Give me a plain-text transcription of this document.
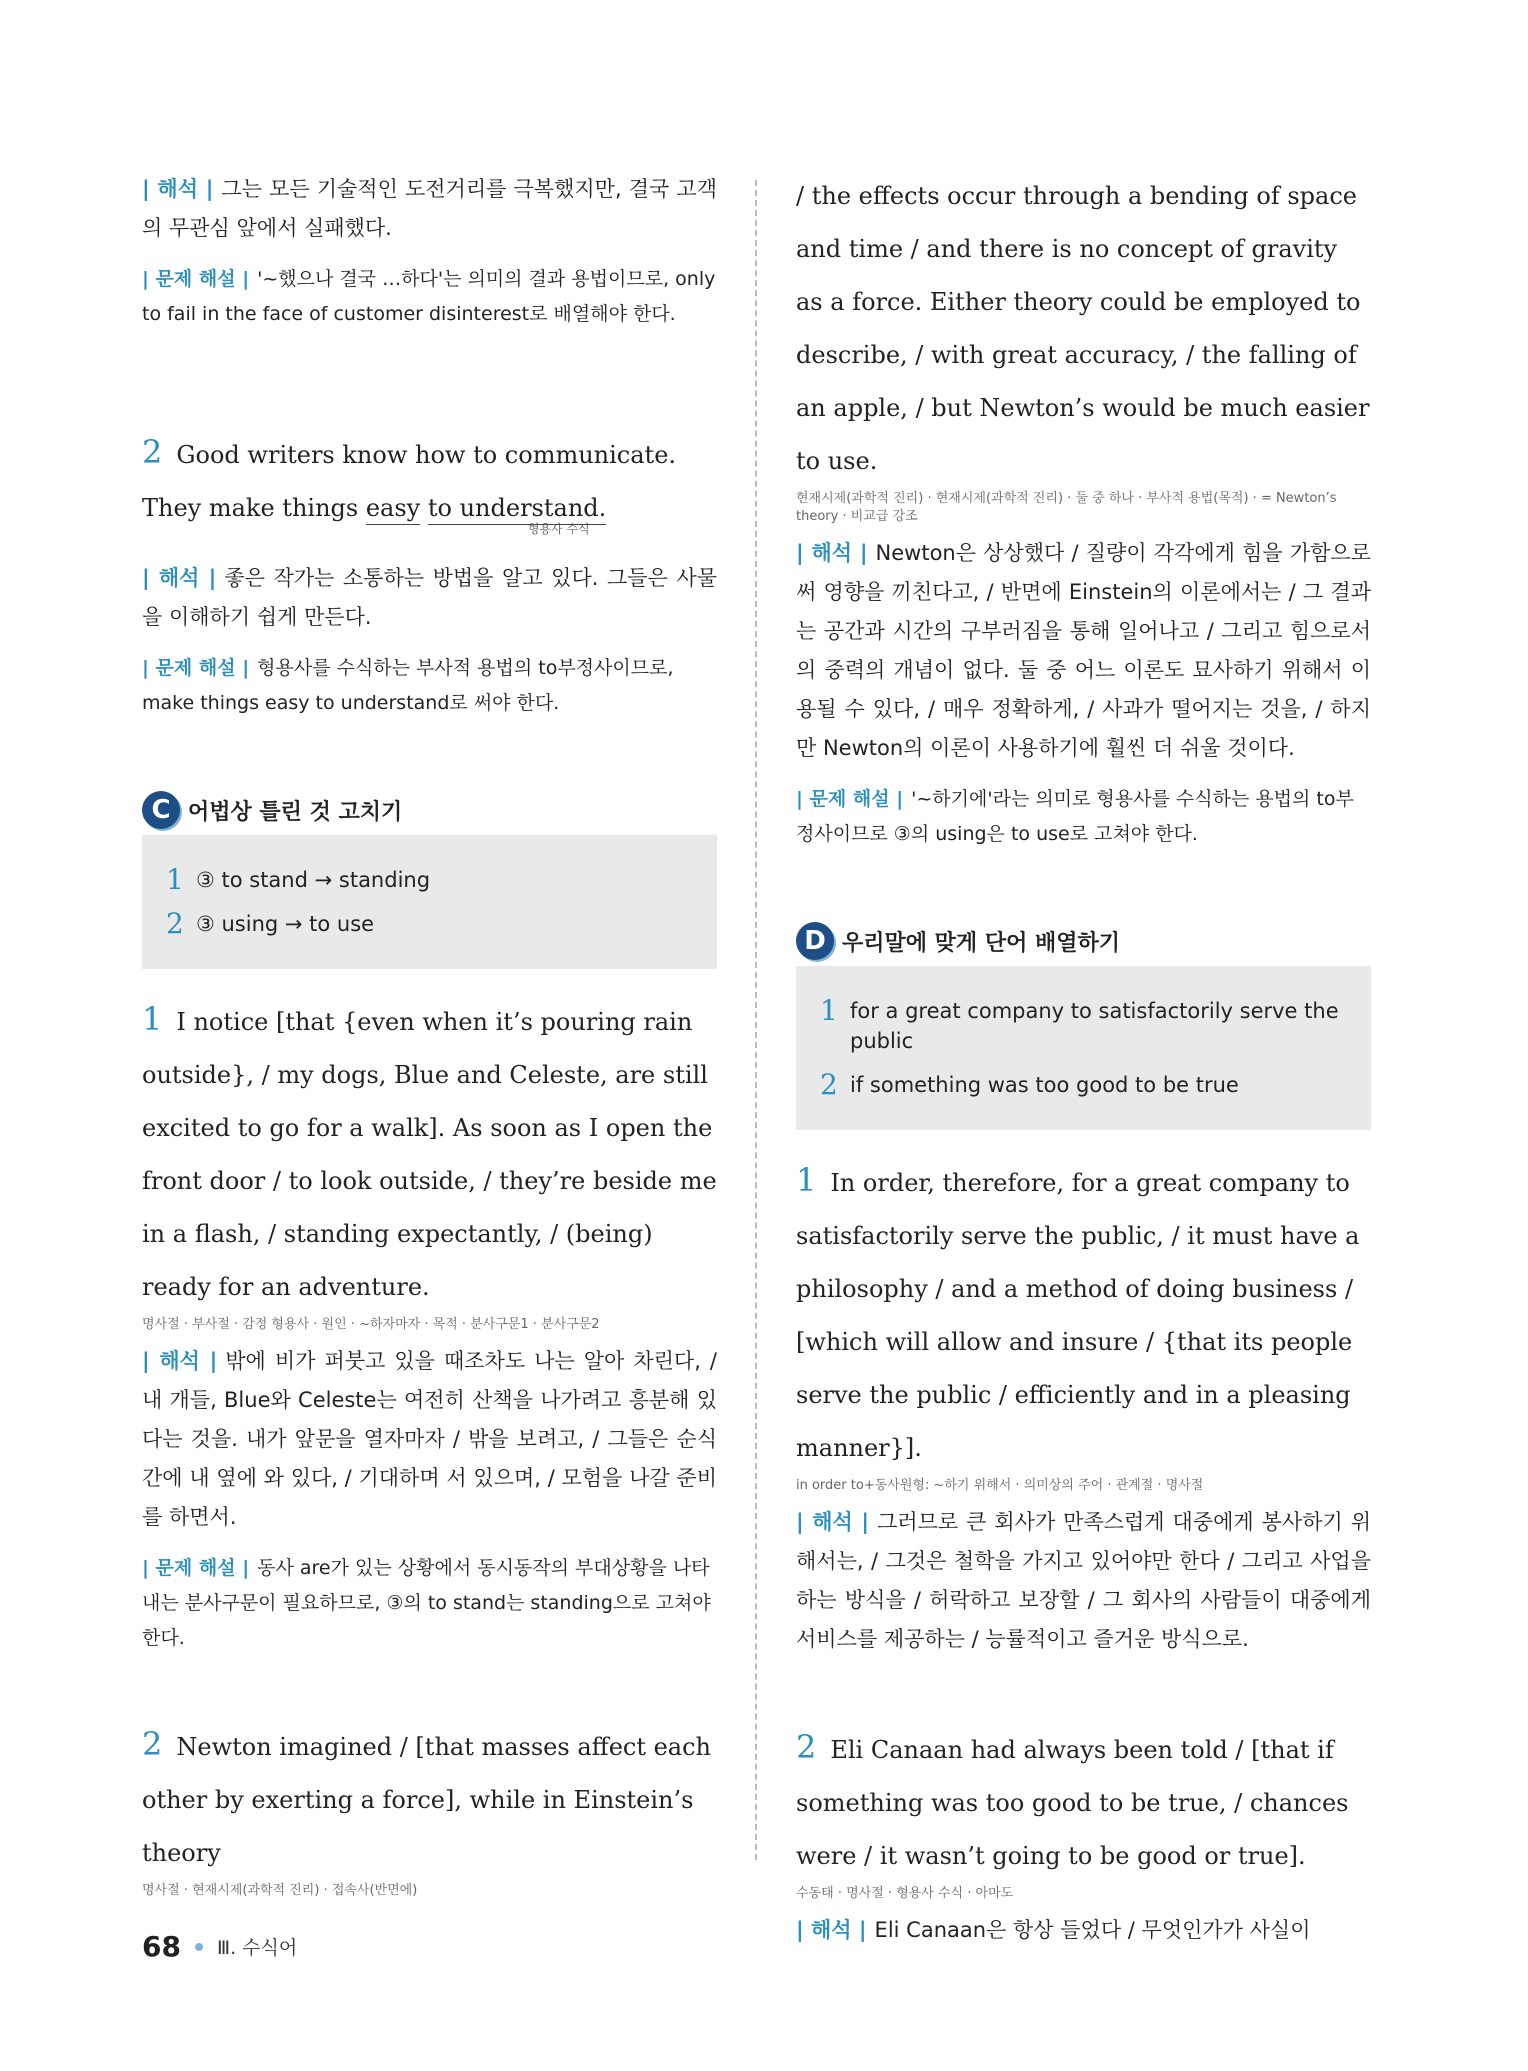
| 해석 | 그는 모든 기술적인 도전거리를 극복했지만, 결국 고객의 무관심 앞에서 실패했다.

| 문제 해설 | '~했으나 결국 …하다'는 의미의 결과 용법이므로, only to fail in the face of customer disinterest로 배열해야 한다.

2 Good writers know how to communicate. They make things easy to understand.
형용사 수식

| 해석 | 좋은 작가는 소통하는 방법을 알고 있다. 그들은 사물을 이해하기 쉽게 만든다.

| 문제 해설 | 형용사를 수식하는 부사적 용법의 to부정사이므로, make things easy to understand로 써야 한다.

C 어법상 틀린 것 고치기
1 ③ to stand → standing
2 ③ using → to use

1 I notice [that {even when it’s pouring rain outside}, / my dogs, Blue and Celeste, are still excited to go for a walk]. As soon as I open the front door / to look outside, / they’re beside me in a flash, / standing expectantly, / (being) ready for an adventure.

명사절 · 부사절 · 감정 형용사 · 원인 · ~하자마자 · 목적 · 분사구문1 · 분사구문2

| 해석 | 밖에 비가 퍼붓고 있을 때조차도 나는 알아 차린다, / 내 개들, Blue와 Celeste는 여전히 산책을 나가려고 흥분해 있다는 것을. 내가 앞문을 열자마자 / 밖을 보려고, / 그들은 순식간에 내 옆에 와 있다, / 기대하며 서 있으며, / 모험을 나갈 준비를 하면서.

| 문제 해설 | 동사 are가 있는 상황에서 동시동작의 부대상황을 나타내는 분사구문이 필요하므로, ③의 to stand는 standing으로 고쳐야 한다.

2 Newton imagined / [that masses affect each other by exerting a force], while in Einstein’s theory

명사절 · 현재시제(과학적 진리) · 접속사(반면에)

/ the effects occur through a bending of space and time / and there is no concept of gravity as a force. Either theory could be employed to describe, / with great accuracy, / the falling of an apple, / but Newton’s would be much easier to use.

현재시제(과학적 진리) · 현재시제(과학적 진리) · 둘 중 하나 · 부사적 용법(목적) · = Newton’s theory · 비교급 강조

| 해석 | Newton은 상상했다 / 질량이 각각에게 힘을 가함으로써 영향을 끼친다고, / 반면에 Einstein의 이론에서는 / 그 결과는 공간과 시간의 구부러짐을 통해 일어나고 / 그리고 힘으로서의 중력의 개념이 없다. 둘 중 어느 이론도 묘사하기 위해서 이용될 수 있다, / 매우 정확하게, / 사과가 떨어지는 것을, / 하지만 Newton의 이론이 사용하기에 훨씬 더 쉬울 것이다.

| 문제 해설 | '~하기에'라는 의미로 형용사를 수식하는 용법의 to부정사이므로 ③의 using은 to use로 고쳐야 한다.

D 우리말에 맞게 단어 배열하기
1 for a great company to satisfactorily serve the public
2 if something was too good to be true

1 In order, therefore, for a great company to satisfactorily serve the public, / it must have a philosophy / and a method of doing business / [which will allow and insure / {that its people serve the public / efficiently and in a pleasing manner}].

in order to+동사원형: ~하기 위해서 · 의미상의 주어 · 관계절 · 명사절

| 해석 | 그러므로 큰 회사가 만족스럽게 대중에게 봉사하기 위해서는, / 그것은 철학을 가지고 있어야만 한다 / 그리고 사업을 하는 방식을 / 허락하고 보장할 / 그 회사의 사람들이 대중에게 서비스를 제공하는 / 능률적이고 즐거운 방식으로.

2 Eli Canaan had always been told / [that if something was too good to be true, / chances were / it wasn’t going to be good or true].

수동태 · 명사절 · 형용사 수식 · 아마도

| 해석 | Eli Canaan은 항상 들었다 / 무엇인가가 사실이

68 Ⅲ. 수식어
